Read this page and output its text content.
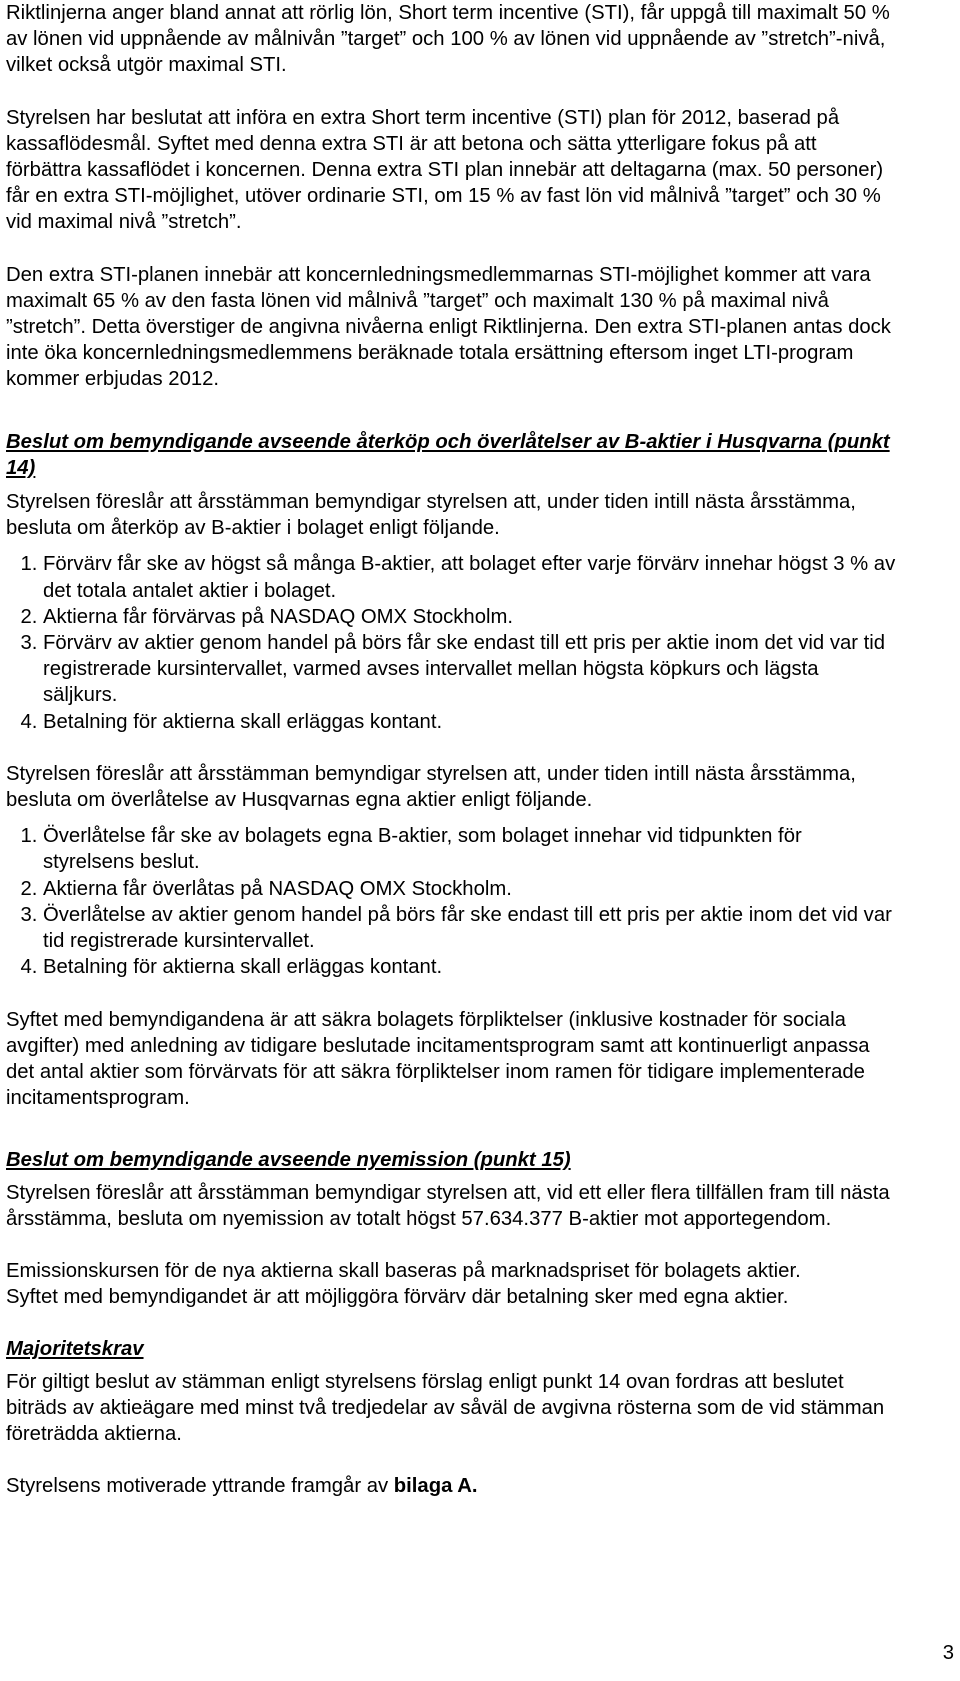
Riktlinjerna anger bland annat att rörlig lön, Short term incentive (STI), får uppgå till maximalt 50 % av lönen vid uppnående av målnivån ”target” och 100 % av lönen vid uppnående av ”stretch”-nivå, vilket också utgör maximal STI.

Styrelsen har beslutat att införa en extra Short term incentive (STI) plan för 2012, baserad på kassaflödesmål. Syftet med denna extra STI är att betona och sätta ytterligare fokus på att förbättra kassaflödet i koncernen. Denna extra STI plan innebär att deltagarna (max. 50 personer) får en extra STI-möjlighet, utöver ordinarie STI, om 15 % av fast lön vid målnivå ”target” och 30 % vid maximal nivå ”stretch”.

Den extra STI-planen innebär att koncernledningsmedlemmarnas STI-möjlighet kommer att vara maximalt 65 % av den fasta lönen vid målnivå ”target” och maximalt 130 % på maximal nivå ”stretch”. Detta överstiger de angivna nivåerna enligt Riktlinjerna. Den extra STI-planen antas dock inte öka koncernledningsmedlemmens beräknade totala ersättning eftersom inget LTI-program kommer erbjudas 2012.

Beslut om bemyndigande avseende återköp och överlåtelser av B-aktier i Husqvarna (punkt 14)

Styrelsen föreslår att årsstämman bemyndigar styrelsen att, under tiden intill nästa årsstämma, besluta om återköp av B-aktier i bolaget enligt följande.

1. Förvärv får ske av högst så många B-aktier, att bolaget efter varje förvärv innehar högst 3 % av det totala antalet aktier i bolaget.
2. Aktierna får förvärvas på NASDAQ OMX Stockholm.
3. Förvärv av aktier genom handel på börs får ske endast till ett pris per aktie inom det vid var tid registrerade kursintervallet, varmed avses intervallet mellan högsta köpkurs och lägsta säljkurs.
4. Betalning för aktierna skall erläggas kontant.

Styrelsen föreslår att årsstämman bemyndigar styrelsen att, under tiden intill nästa årsstämma, besluta om överlåtelse av Husqvarnas egna aktier enligt följande.

1. Överlåtelse får ske av bolagets egna B-aktier, som bolaget innehar vid tidpunkten för styrelsens beslut.
2. Aktierna får överlåtas på NASDAQ OMX Stockholm.
3. Överlåtelse av aktier genom handel på börs får ske endast till ett pris per aktie inom det vid var tid registrerade kursintervallet.
4. Betalning för aktierna skall erläggas kontant.

Syftet med bemyndigandena är att säkra bolagets förpliktelser (inklusive kostnader för sociala avgifter) med anledning av tidigare beslutade incitamentsprogram samt att kontinuerligt anpassa det antal aktier som förvärvats för att säkra förpliktelser inom ramen för tidigare implementerade incitamentsprogram.

Beslut om bemyndigande avseende nyemission (punkt 15)

Styrelsen föreslår att årsstämman bemyndigar styrelsen att, vid ett eller flera tillfällen fram till nästa årsstämma, besluta om nyemission av totalt högst 57.634.377 B-aktier mot apportegendom.

Emissionskursen för de nya aktierna skall baseras på marknadspriset för bolagets aktier.

Syftet med bemyndigandet är att möjliggöra förvärv där betalning sker med egna aktier.

Majoritetskrav

För giltigt beslut av stämman enligt styrelsens förslag enligt punkt 14 ovan fordras att beslutet biträds av aktieägare med minst två tredjedelar av såväl de avgivna rösterna som de vid stämman företrädda aktierna.

Styrelsens motiverade yttrande framgår av bilaga A.

3
